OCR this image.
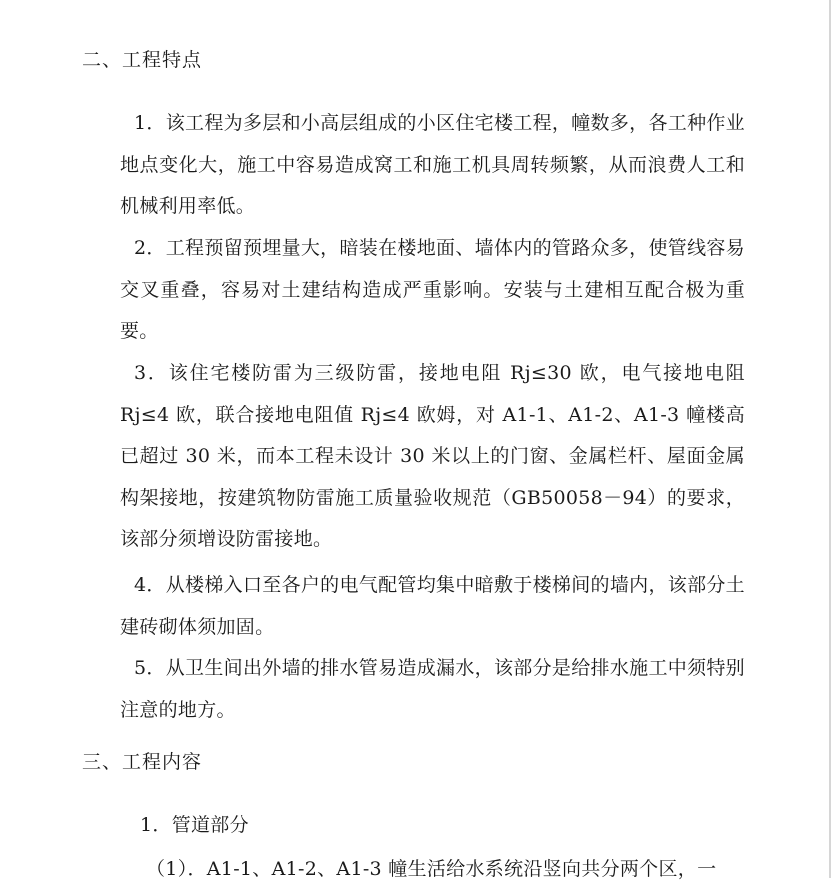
二、工程特点
1．该工程为多层和小高层组成的小区住宅楼工程，幢数多，各工种作业地点变化大，施工中容易造成窝工和施工机具周转频繁，从而浪费人工和机械利用率低。
2．工程预留预埋量大，暗装在楼地面、墙体内的管路众多，使管线容易交叉重叠，容易对土建结构造成严重影响。安装与土建相互配合极为重要。
3．该住宅楼防雷为三级防雷，接地电阻 Rj≤30 欧，电气接地电阻 Rj≤4 欧，联合接地电阻值 Rj≤4 欧姆，对 A1-1、A1-2、A1-3 幢楼高已超过 30 米，而本工程未设计 30 米以上的门窗、金属栏杆、屋面金属构架接地，按建筑物防雷施工质量验收规范（GB50058－94）的要求，该部分须增设防雷接地。
4．从楼梯入口至各户的电气配管均集中暗敷于楼梯间的墙内，该部分土建砖砌体须加固。
5．从卫生间出外墙的排水管易造成漏水，该部分是给排水施工中须特别注意的地方。
三、工程内容
1．管道部分
（1）．A1-1、A1-2、A1-3 幢生活给水系统沿竖向共分两个区，一
